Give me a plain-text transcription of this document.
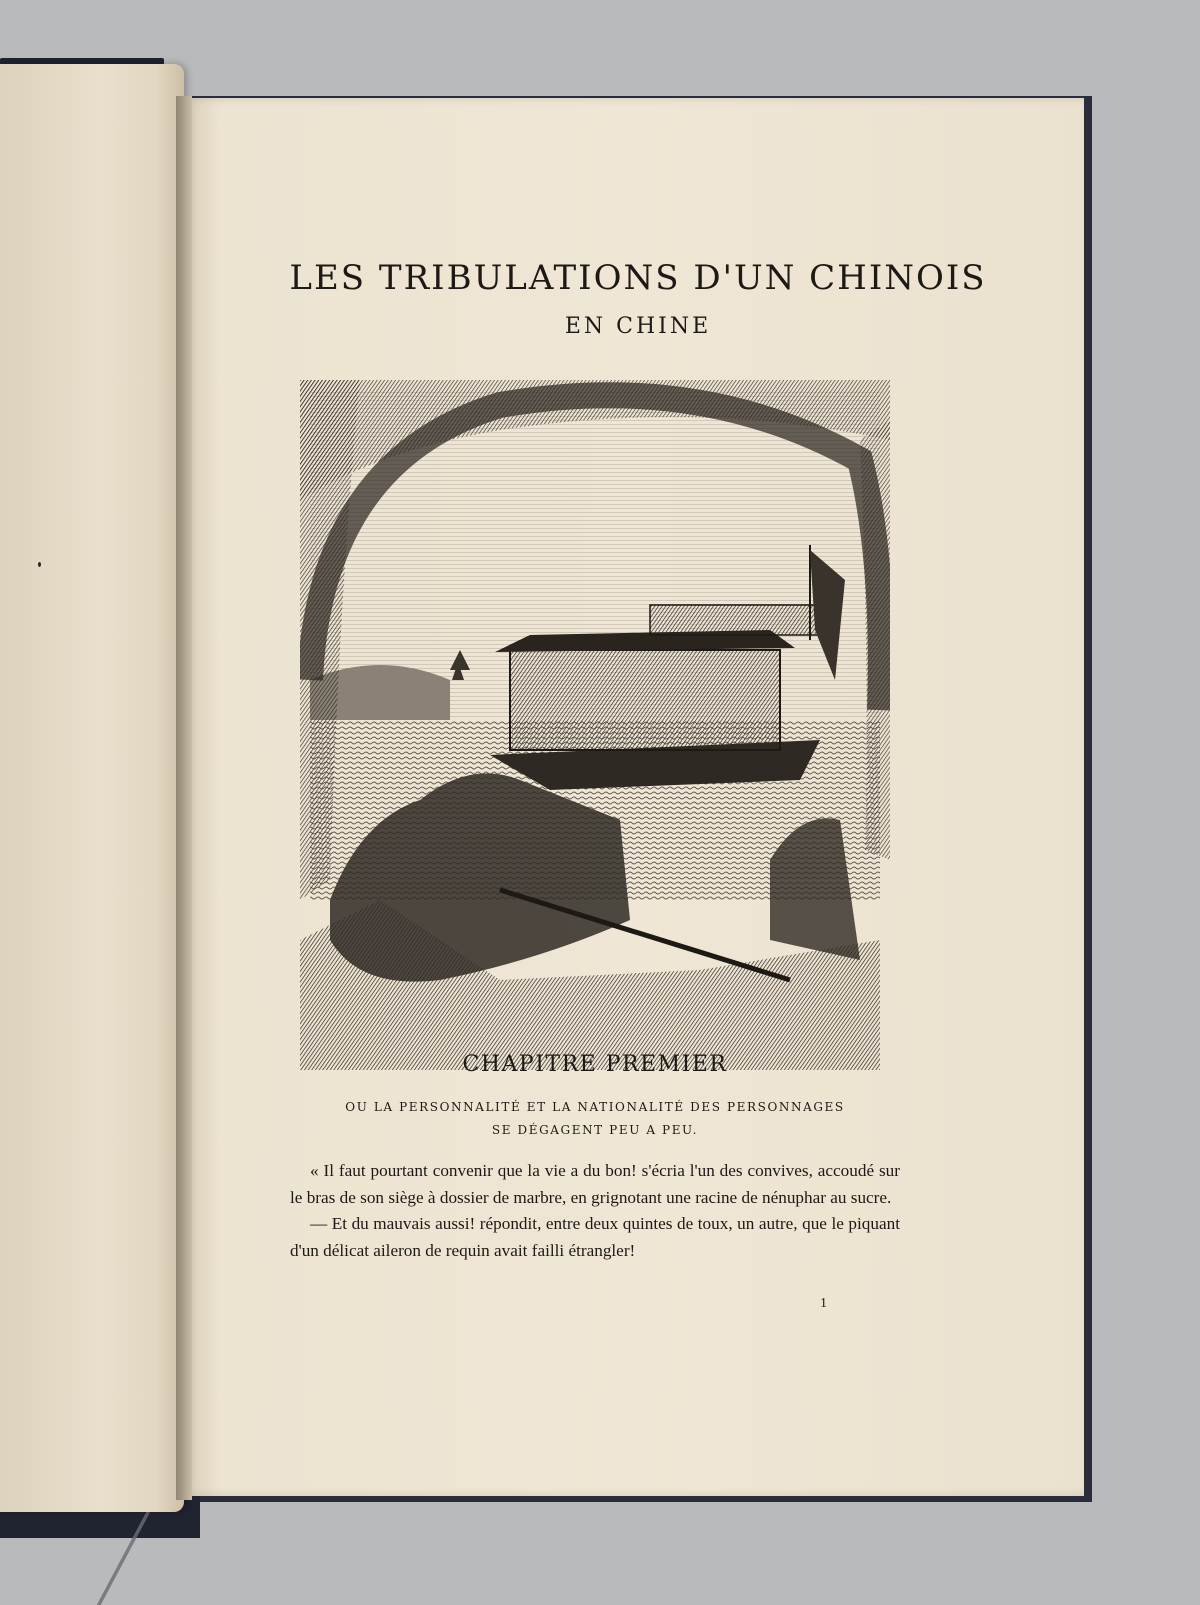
LES TRIBULATIONS D'UN CHINOIS
EN CHINE
CHAPITRE PREMIER
OU LA PERSONNALITÉ ET LA NATIONALITÉ DES PERSONNAGES
SE DÉGAGENT PEU A PEU.

« Il faut pourtant convenir que la vie a du bon! s'écria l'un des convives, accoudé sur le bras de son siège à dossier de marbre, en grignotant une racine de nénuphar au sucre.

— Et du mauvais aussi! répondit, entre deux quintes de toux, un autre, que le piquant d'un délicat aileron de requin avait failli étrangler!

1
